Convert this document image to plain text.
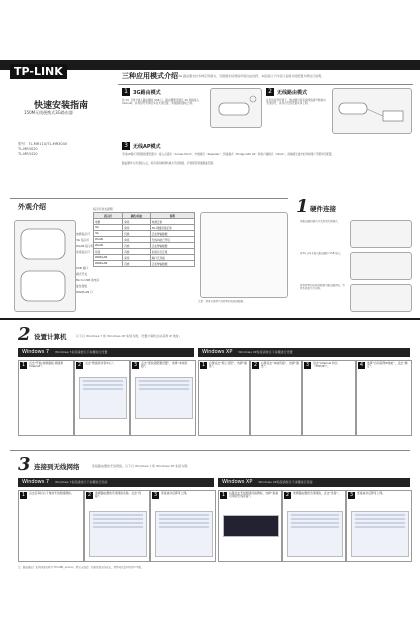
TP-LINK
快速安装指南
150M无线便携式3G路由器
型号：TL-MR11U/TL-MR3040
TL-MR3020
TL-MR3420
三种应用模式介绍 3G 路由器支持多种应用模式，可根据实际网络环境自由选择，本指南以下内容以各模式的配置为例进行说明。
1	3G路由模式
将 3G 上网卡插入路由器的 USB 口，路由器即可通过 3G 网络接入 Internet，并将信号共享给多台无线设备，实现随时随地上网。
2	无线路由模式
在有线宽带环境下，路由器可将有线网络信号转换为无线信号，供多台无线设备共享上网。
3	无线AP模式
无线AP模式可根据需要设置为：接入点模式（Access Point）、中继模式（Repeater）、桥接模式（Bridge with AP）和客户端模式（Client），请参阅光盘中的详细用户手册进行配置。
路由器作为无线接入点，将有线局域网转换为无线网络，扩展现有网络覆盖范围。
外观介绍
电源指示灯
3G 指示灯
WLAN 指示灯
系统指示灯
USB 接口
模式开关
Micro USB 供电口
复位按钮
WAN/LAN 口
指示灯状态说明
指示灯	颜色/状态	说明
电源	常亮	电源正常
3G	常亮	3G 网络连接正常
3G	闪烁	正在传输数据
WLAN	常亮	无线功能已开启
WLAN	闪烁	正在传输数据
系统	闪烁	系统运行正常
WAN/LAN	常亮	端口已连接
WAN/LAN	闪烁	正在传输数据
注意：请务必使用产品附带的电源适配器。
1 硬件连接
将路由器的模式开关拨至所需模式。
将3G上网卡插入路由器的 USB 接口。
使用附带的电源适配器为路由器供电，等待系统指示灯闪烁。
2 设置计算机	以下以 Windows 7 和 Windows XP 系统为例，设置计算机自动获得 IP 地址。
Windows 7 Windows 7系统请按以下步骤进行设置
1	点击“开始-控制面板-网络和Internet”。	2	点击“网络和共享中心”。	3	点击“更改适配器设置”，选择“本地连接”。
Windows XP Windows XP系统请按以下步骤进行设置
1	右键点击“网上邻居”，选择“属性”。	2	右键点击“本地连接”，选择“属性”。	3	双击“Internet 协议（TCP/IP）”。	4	选择“自动获得IP地址”，点击“确定”。
3 连接到无线网络	连接路由器的无线网络，以下以 Windows 7 和 Windows XP 系统为例。
Windows 7 Windows 7系统请按以下步骤进行连接
1	点击任务栏右下角的无线网络图标。	2	选择路由器的无线网络名称，点击“连接”。	3	连接成功后即可上网。
Windows XP Windows XP系统请按以下步骤进行连接
1	右键点击无线网络连接图标，选择“查看可用的无线连接”。	2	选择路由器的无线网络，点击“连接”。	3	连接成功后即可上网。
注：路由器出厂无线网络名称为 TP-LINK_xxxxxx，默认无加密；如需设置无线安全，请参阅光盘中的用户手册。
